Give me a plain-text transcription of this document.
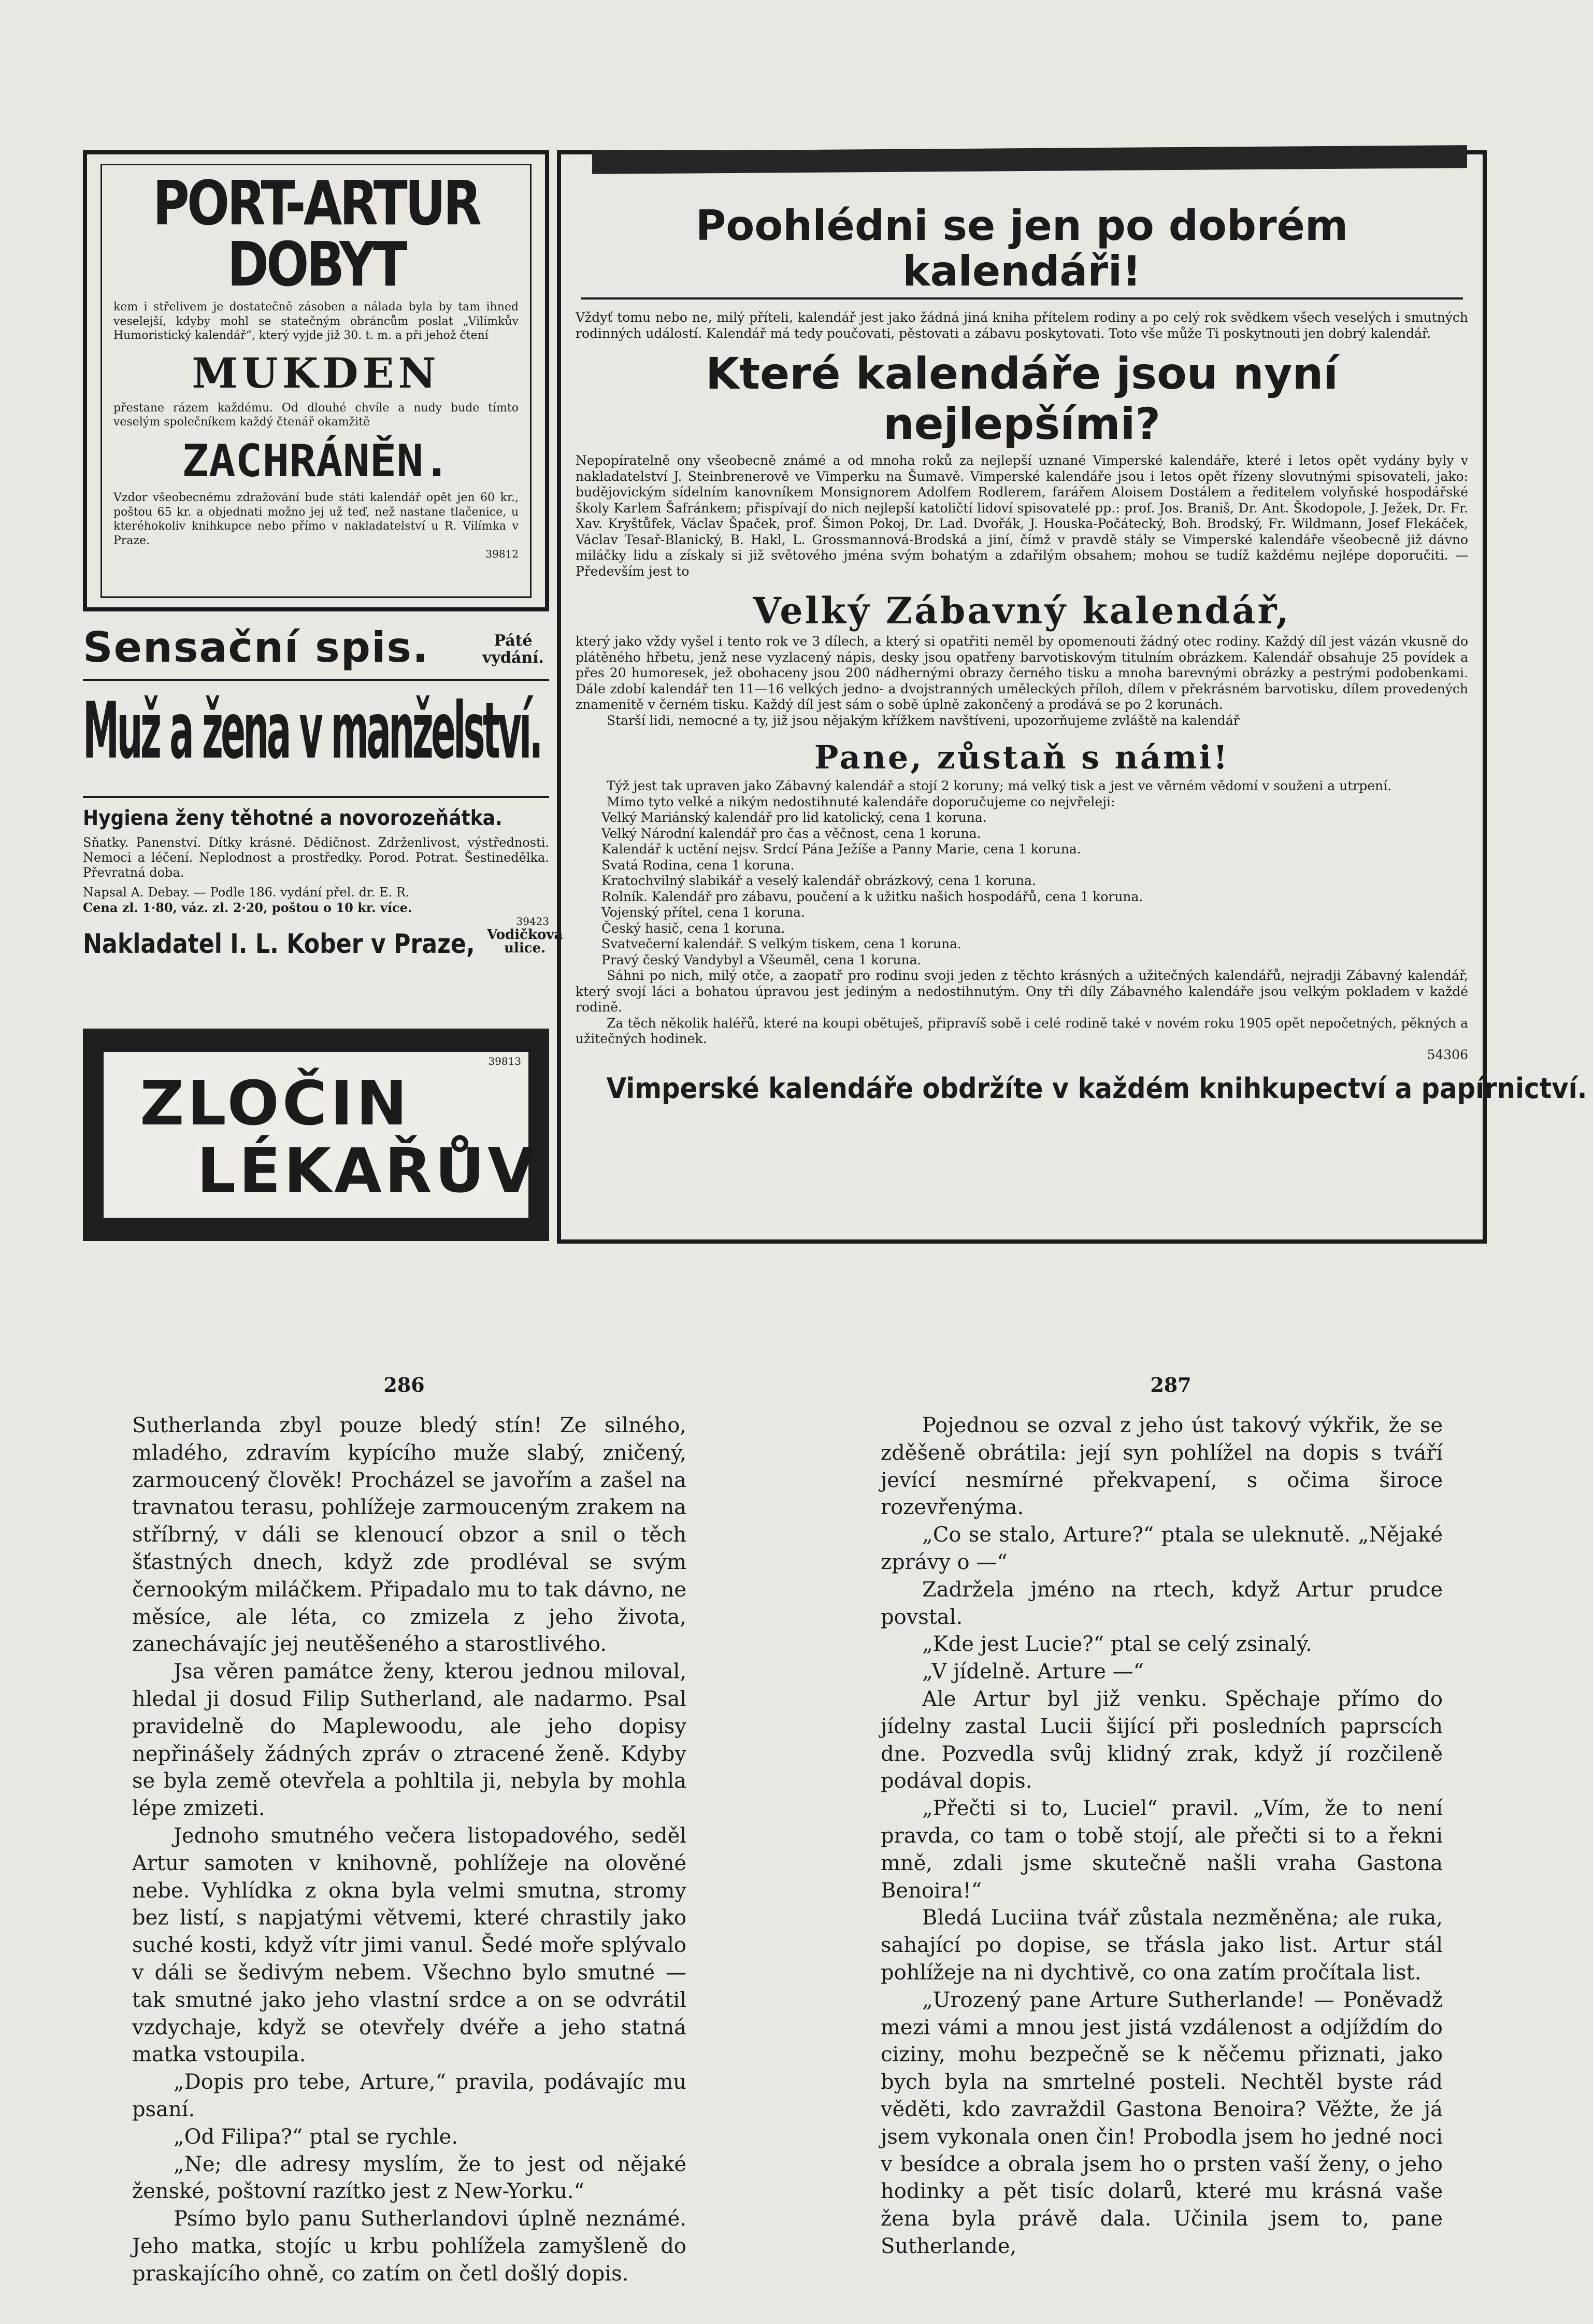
PORT-ARTUR DOBYT
kem i střelivem je dostatečně zásoben a nálada byla by tam ihned veselejší, kdyby mohl se statečným obráncům poslat „Vilímkův Humoristický kalendář“, který vyjde již 30. t. m. a při jehož čtení
MUKDEN
přestane rázem každému. Od dlouhé chvíle a nudy bude tímto veselým společníkem každý čtenář okamžitě
ZACHRÁNĚN.
Vzdor všeobecnému zdražování bude státi kalendář opět jen 60 kr., poštou 65 kr. a objednati možno jej už teď, než nastane tlačenice, u kteréhokoliv knihkupce nebo přímo v nakladatelství u R. Vilímka v Praze.
39812
Sensační spis.	Páté
vydání.
Muž a žena v manželství.
Hygiena ženy těhotné a novorozeňátka.
Sňatky. Panenství. Dítky krásné. Dědičnost. Zdrženlivost, výstřednosti. Nemoci a léčení. Neplodnost a prostředky. Porod. Potrat. Šestinedělka. Převratná doba.
Napsal A. Debay. — Podle 186. vydání přel. dr. E. R.
Cena zl. 1·80, váz. zl. 2·20, poštou o 10 kr. více.
39423
Nakladatel I. L. Kober v Praze, Vodičkova
ulice.
39813
ZLOČIN
LÉKAŘŮV
Poohlédni se jen po dobrém kalendáři!
Vždyť tomu nebo ne, milý příteli, kalendář jest jako žádná jiná kniha přítelem rodiny a po celý rok svědkem všech veselých i smutných rodinných událostí. Kalendář má tedy poučovati, pěstovati a zábavu poskytovati. Toto vše může Ti poskytnouti jen dobrý kalendář.
Které kalendáře jsou nyní nejlepšími?
Nepopíratelně ony všeobecně známé a od mnoha roků za nejlepší uznané Vimperské kalendáře, které i letos opět vydány byly v nakladatelství J. Steinbrenerově ve Vimperku na Šumavě. Vimperské kalendáře jsou i letos opět řízeny slovutnými spisovateli, jako: budějovickým sídelním kanovníkem Monsignorem Adolfem Rodlerem, farářem Aloisem Dostálem a ředitelem volyňské hospodářské školy Karlem Šafránkem; přispívají do nich nejlepší katoličtí lidoví spisovatelé pp.: prof. Jos. Braniš, Dr. Ant. Škodopole, J. Ježek, Dr. Fr. Xav. Kryštůfek, Václav Špaček, prof. Šimon Pokoj, Dr. Lad. Dvořák, J. Houska-Počátecký, Boh. Brodský, Fr. Wildmann, Josef Flekáček, Václav Tesař-Blanický, B. Hakl, L. Grossmannová-Brodská a jiní, čímž v pravdě stály se Vimperské kalendáře všeobecně již dávno miláčky lidu a získaly si již světového jména svým bohatým a zdařilým obsahem; mohou se tudíž každému nejlépe doporučiti. — Především jest to
Velký Zábavný kalendář,
který jako vždy vyšel i tento rok ve 3 dílech, a který si opatřiti neměl by opomenouti žádný otec rodiny. Každý díl jest vázán vkusně do plátěného hřbetu, jenž nese vyzlacený nápis, desky jsou opatřeny barvotiskovým titulním obrázkem. Kalendář obsahuje 25 povídek a přes 20 humoresek, jež obohaceny jsou 200 nádhernými obrazy černého tisku a mnoha barevnými obrázky a pestrými podobenkami. Dále zdobí kalendář ten 11—16 velkých jedno- a dvojstranných uměleckých příloh, dílem v překrásném barvotisku, dílem provedených znamenitě v černém tisku. Každý díl jest sám o sobě úplně zakončený a prodává se po 2 korunách.
Starší lidi, nemocné a ty, již jsou nějakým křížkem navštíveni, upozorňujeme zvláště na kalendář
Pane, zůstaň s námi!
Týž jest tak upraven jako Zábavný kalendář a stojí 2 koruny; má velký tisk a jest ve věrném vědomí v souženi a utrpení.
Mimo tyto velké a nikým nedostihnuté kalendáře doporučujeme co nejvřeleji:
Velký Mariánský kalendář pro lid katolický, cena 1 koruna.
Velký Národní kalendář pro čas a věčnost, cena 1 koruna.
Kalendář k uctění nejsv. Srdcí Pána Ježíše a Panny Marie, cena 1 koruna.
Svatá Rodina, cena 1 koruna.
Kratochvilný slabikář a veselý kalendář obrázkový, cena 1 koruna.
Rolník. Kalendář pro zábavu, poučení a k užitku našich hospodářů, cena 1 koruna.
Vojenský přítel, cena 1 koruna.
Český hasič, cena 1 koruna.
Svatvečerní kalendář. S velkým tiskem, cena 1 koruna.
Pravý český Vandybyl a Všeuměl, cena 1 koruna.
Sáhni po nich, milý otče, a zaopatř pro rodinu svoji jeden z těchto krásných a užitečných kalendářů, nejradji Zábavný kalendář, který svojí láci a bohatou úpravou jest jediným a nedostihnutým. Ony tři díly Zábavného kalendáře jsou velkým pokladem v každé rodině.
Za těch několik haléřů, které na koupi obětuješ, připravíš sobě i celé rodině také v novém roku 1905 opět nepočetných, pěkných a užitečných hodinek.
54306
Vimperské kalendáře obdržíte v každém knihkupectví a papírnictví.
286	287

Sutherlanda zbyl pouze bledý stín! Ze silného, mladého, zdravím kypícího muže slabý, zničený, zarmoucený člověk! Procházel se javořím a zašel na travnatou terasu, pohlížeje zarmouceným zrakem na stříbrný, v dáli se klenoucí obzor a snil o těch šťastných dnech, když zde prodléval se svým černookým miláčkem. Připadalo mu to tak dávno, ne měsíce, ale léta, co zmizela z jeho života, zanechávajíc jej neutěšeného a starostlivého.

Jsa věren památce ženy, kterou jednou miloval, hledal ji dosud Filip Sutherland, ale nadarmo. Psal pravidelně do Maplewoodu, ale jeho dopisy nepřinášely žádných zpráv o ztracené ženě. Kdyby se byla země otevřela a pohltila ji, nebyla by mohla lépe zmizeti.

Jednoho smutného večera listopadového, seděl Artur samoten v knihovně, pohlížeje na olověné nebe. Vyhlídka z okna byla velmi smutna, stromy bez listí, s napjatými větvemi, které chrastily jako suché kosti, když vítr jimi vanul. Šedé moře splývalo v dáli se šedivým nebem. Všechno bylo smutné — tak smutné jako jeho vlastní srdce a on se odvrátil vzdychaje, když se otevřely dvéře a jeho statná matka vstoupila.

„Dopis pro tebe, Arture,“ pravila, podávajíc mu psaní.

„Od Filipa?“ ptal se rychle.

„Ne; dle adresy myslím, že to jest od nějaké ženské, poštovní razítko jest z New-Yorku.“

Psímo bylo panu Sutherlandovi úplně neznámé. Jeho matka, stojíc u krbu pohlížela zamyšleně do praskajícího ohně, co zatím on četl došlý dopis.

Pojednou se ozval z jeho úst takový výkřik, že se zděšeně obrátila: její syn pohlížel na dopis s tváří jevící nesmírné překvapení, s očima široce rozevřenýma.

„Co se stalo, Arture?“ ptala se uleknutě. „Nějaké zprávy o —“

Zadržela jméno na rtech, když Artur prudce povstal.

„Kde jest Lucie?“ ptal se celý zsinalý.

„V jídelně. Arture —“

Ale Artur byl již venku. Spěchaje přímo do jídelny zastal Lucii šijící při posledních paprscích dne. Pozvedla svůj klidný zrak, když jí rozčileně podával dopis.

„Přečti si to, Luciel“ pravil. „Vím, že to není pravda, co tam o tobě stojí, ale přečti si to a řekni mně, zdali jsme skutečně našli vraha Gastona Benoira!“

Bledá Luciina tvář zůstala nezměněna; ale ruka, sahající po dopise, se třásla jako list. Artur stál pohlížeje na ni dychtivě, co ona zatím pročítala list.

„Urozený pane Arture Sutherlande! — Poněvadž mezi vámi a mnou jest jistá vzdálenost a odjíždím do ciziny, mohu bezpečně se k něčemu přiznati, jako bych byla na smrtelné posteli. Nechtěl byste rád věděti, kdo zavraždil Gastona Benoira? Věžte, že já jsem vykonala onen čin! Probodla jsem ho jedné noci v besídce a obrala jsem ho o prsten vaší ženy, o jeho hodinky a pět tisíc dolarů, které mu krásná vaše žena byla právě dala. Učinila jsem to, pane Sutherlande,
